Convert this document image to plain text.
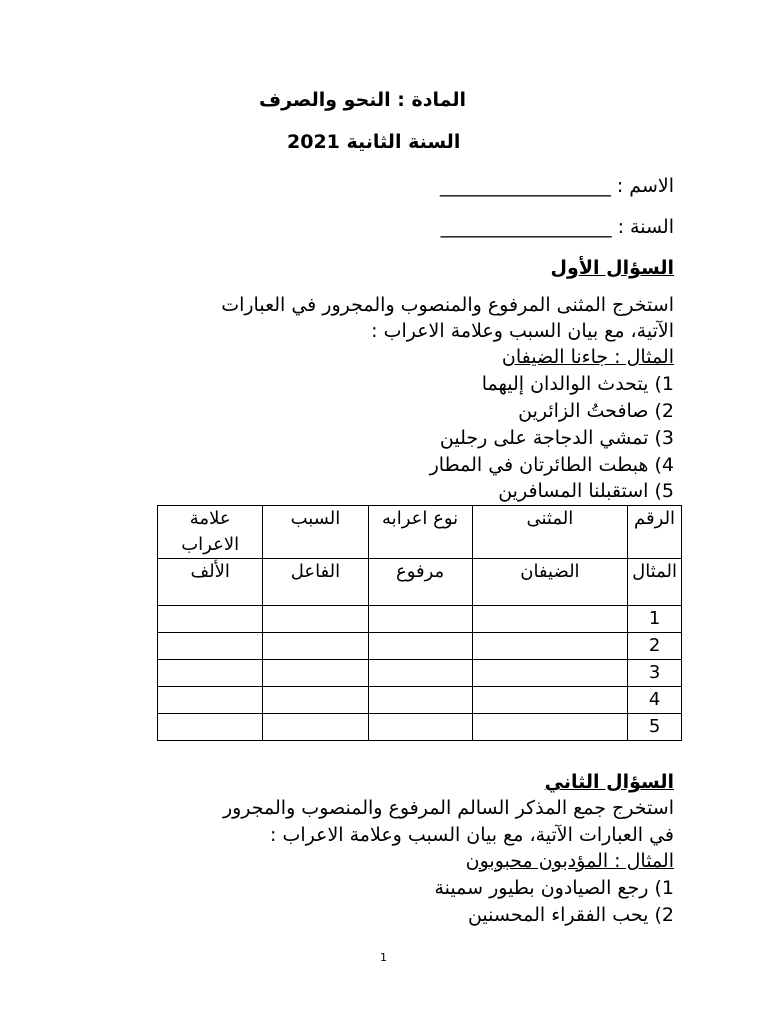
المادة : النحو والصرف
السنة الثانية 2021
الاسم : __________________
السنة : __________________
السؤال الأول
استخرج المثنى المرفوع والمنصوب والمجرور في العبارات
الآتية، مع بيان السبب وعلامة الاعراب :
المثال : جاءنا الضيفان
1) يتحدث الوالدان إليهما
2) صافحتُ الزائرين
3) تمشي الدجاجة على رجلين
4) هبطت الطائرتان في المطار
5) استقبلنا المسافرين
الرقم	المثنى	نوع اعرابه	السبب	علامة الاعراب
المثال	الضيفان	مرفوع	الفاعل	الألف
1				
2				
3				
4				
5				
السؤال الثاني
استخرج جمع المذكر السالم المرفوع والمنصوب والمجرور
في العبارات الآتية، مع بيان السبب وعلامة الاعراب :
المثال : المؤدبون محبوبون
1) رجع الصيادون بطيور سمينة
2) يحب الفقراء المحسنين
1
